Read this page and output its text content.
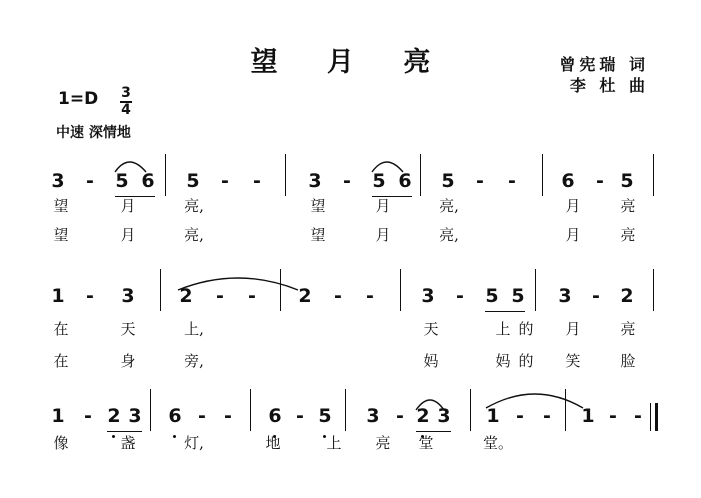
望 月 亮	曾宪瑞 词
李 杜 曲
1=D 3
4
中速 深情地
3	-	5 6 5	-	-	3	-	5 6 5	-	-	6	- 5
望	月	亮,	望	月	亮,	月	亮
望	月	亮,	望	月	亮,	月	亮
1	-	3 2	-	-	2	-	-	3	-	5 5 3	-	2
在	天	上,	天	上 的 月	亮
在	身	旁,	妈	妈 的 笑	脸
1	- 2 3 6 - -	6 - 5 3 - 2 3 1 -	-	1 - -
像	盏	灯,	地	上 亮 堂	堂。
